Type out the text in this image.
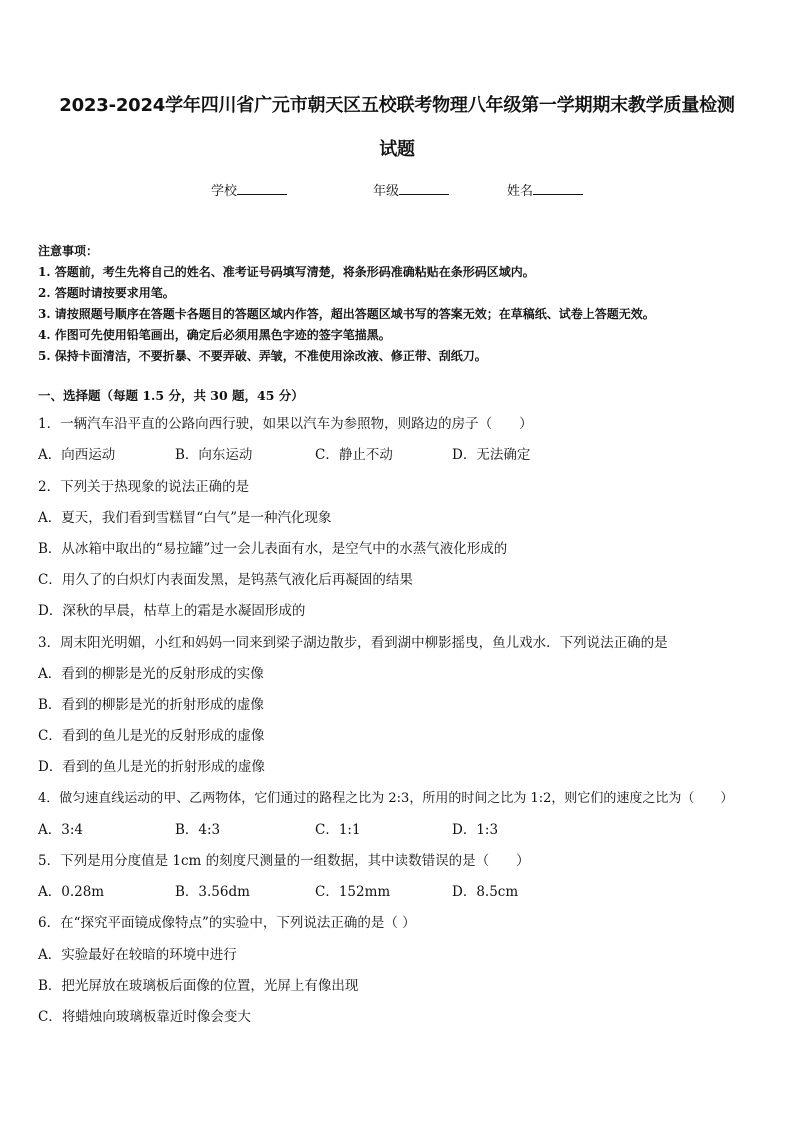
2023-2024学年四川省广元市朝天区五校联考物理八年级第一学期期末教学质量检测
试题
学校	年级	姓名
注意事项：
1. 答题前，考生先将自己的姓名、准考证号码填写清楚，将条形码准确粘贴在条形码区域内。
2. 答题时请按要求用笔。
3. 请按照题号顺序在答题卡各题目的答题区域内作答，超出答题区域书写的答案无效；在草稿纸、试卷上答题无效。
4. 作图可先使用铅笔画出，确定后必须用黑色字迹的签字笔描黑。
5. 保持卡面清洁，不要折暴、不要弄破、弄皱，不准使用涂改液、修正带、刮纸刀。
一、选择题（每题 1.5 分，共 30 题，45 分）
1．一辆汽车沿平直的公路向西行驶，如果以汽车为参照物，则路边的房子（　　）
A．向西运动	B．向东运动	C．静止不动	D．无法确定
2．下列关于热现象的说法正确的是
A．夏天，我们看到雪糕冒“白气”是一种汽化现象
B．从冰箱中取出的“易拉罐”过一会儿表面有水，是空气中的水蒸气液化形成的
C．用久了的白炽灯内表面发黑，是钨蒸气液化后再凝固的结果
D．深秋的早晨，枯草上的霜是水凝固形成的
3．周末阳光明媚，小红和妈妈一同来到梁子湖边散步，看到湖中柳影摇曳，鱼儿戏水．下列说法正确的是
A．看到的柳影是光的反射形成的实像
B．看到的柳影是光的折射形成的虚像
C．看到的鱼儿是光的反射形成的虚像
D．看到的鱼儿是光的折射形成的虚像
4．做匀速直线运动的甲、乙两物体，它们通过的路程之比为 2:3，所用的时间之比为 1:2，则它们的速度之比为（　　）
A．3:4	B．4:3	C．1:1	D．1:3
5．下列是用分度值是 1cm 的刻度尺测量的一组数据，其中读数错误的是（　　）
A．0.28m	B．3.56dm	C．152mm	D．8.5cm
6．在“探究平面镜成像特点”的实验中，下列说法正确的是（ ）
A．实验最好在较暗的环境中进行
B．把光屏放在玻璃板后面像的位置，光屏上有像出现
C．将蜡烛向玻璃板靠近时像会变大
